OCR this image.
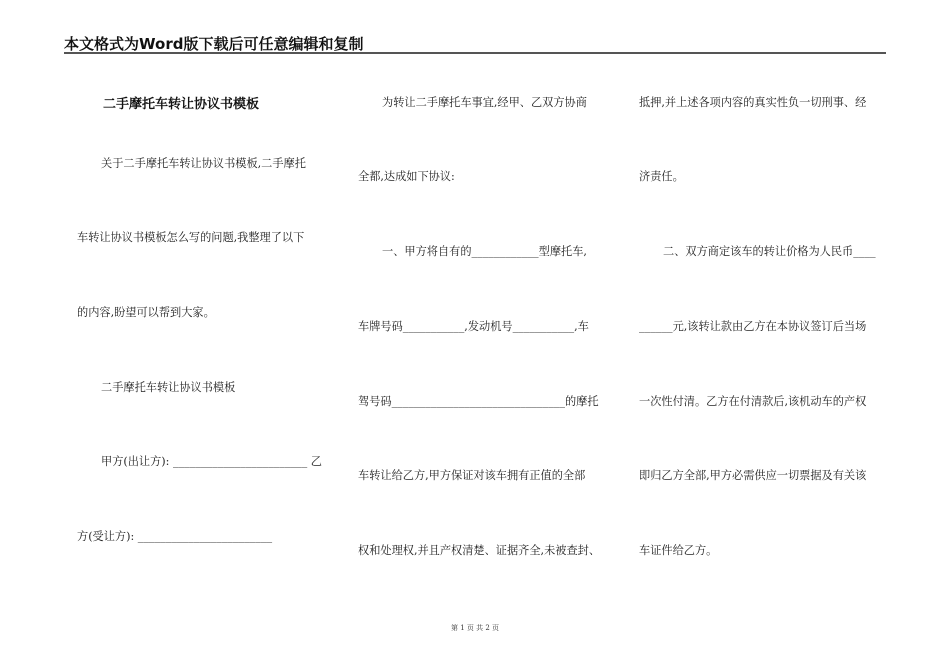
本文格式为Word版下载后可任意编辑和复制
二手摩托车转让协议书模板
关于二手摩托车转让协议书模板,二手摩托
车转让协议书模板怎么写的问题,我整理了以下
的内容,盼望可以帮到大家。
二手摩托车转让协议书模板
甲方(出让方): ________________________ 乙
方(受让方): ________________________
为转让二手摩托车事宜,经甲、乙双方协商
全都,达成如下协议:
一、甲方将自有的____________型摩托车,
车牌号码___________,发动机号___________,车
驾号码_______________________________的摩托
车转让给乙方,甲方保证对该车拥有正值的全部
权和处理权,并且产权清楚、证据齐全,未被查封、
抵押,并上述各项内容的真实性负一切刑事、经
济责任。
二、双方商定该车的转让价格为人民币____
______元,该转让款由乙方在本协议签订后当场
一次性付清。乙方在付清款后,该机动车的产权
即归乙方全部,甲方必需供应一切票据及有关该
车证件给乙方。
第 1 页 共 2 页
